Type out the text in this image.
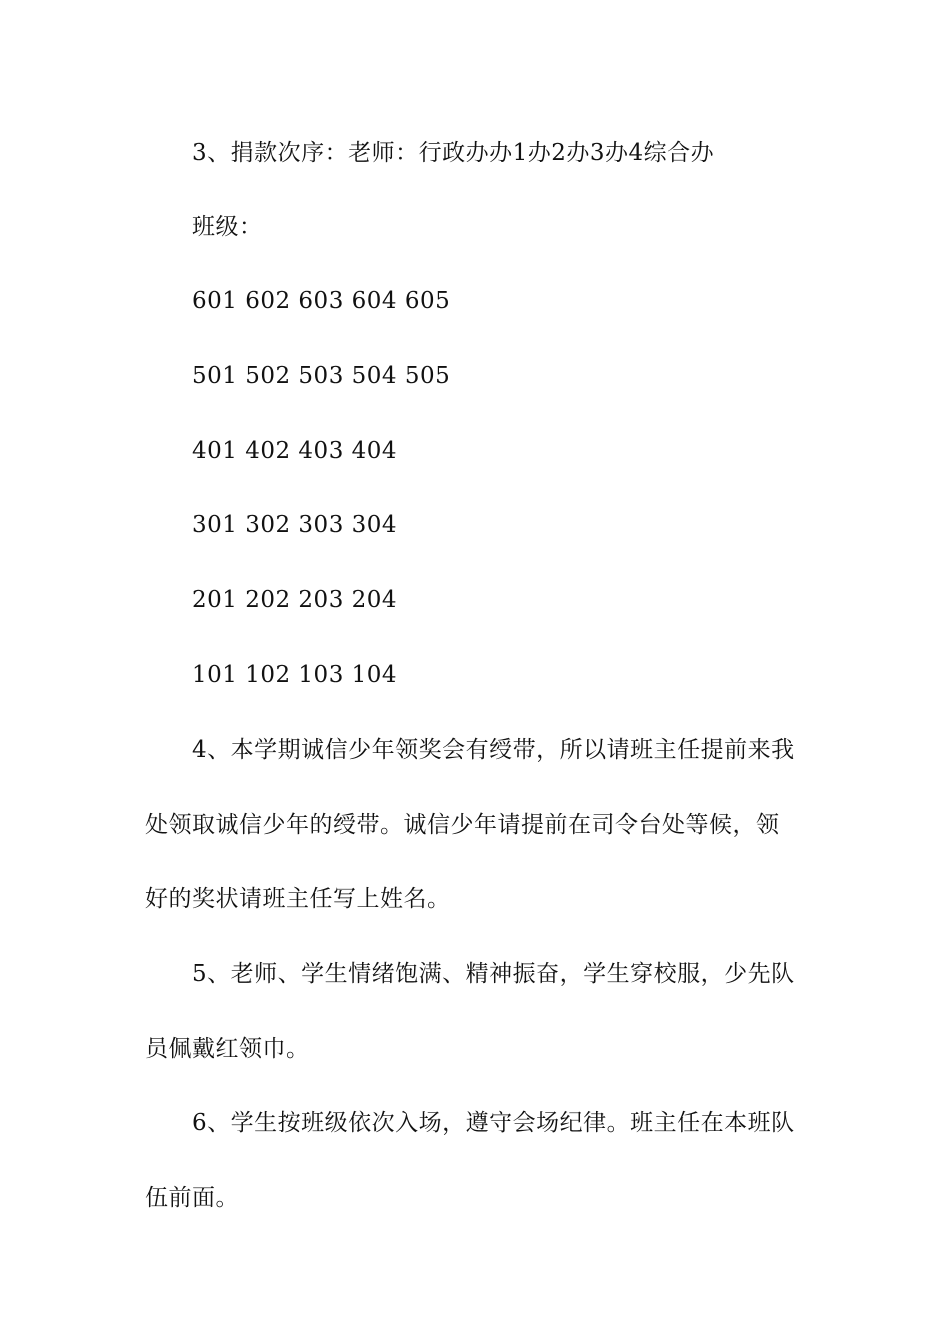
3、捐款次序：老师：行政办办1办2办3办4综合办
班级：
601 602 603 604 605
501 502 503 504 505
401 402 403 404
301 302 303 304
201 202 203 204
101 102 103 104
4、本学期诚信少年领奖会有绶带，所以请班主任提前来我
处领取诚信少年的绶带。诚信少年请提前在司令台处等候，领
好的奖状请班主任写上姓名。
5、老师、学生情绪饱满、精神振奋，学生穿校服，少先队
员佩戴红领巾。
6、学生按班级依次入场，遵守会场纪律。班主任在本班队
伍前面。
